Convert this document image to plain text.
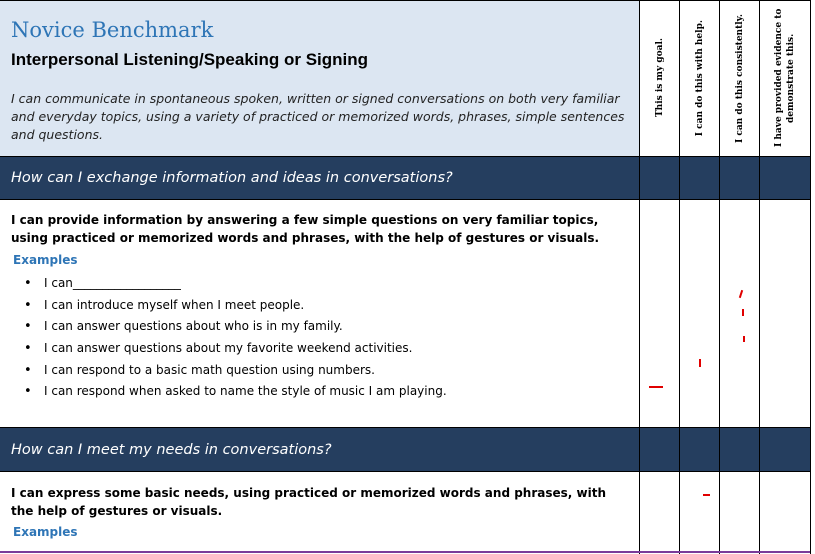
Novice Benchmark
Interpersonal Listening/Speaking or Signing
I can communicate in spontaneous spoken, written or signed conversations on both very familiar and everyday topics, using a variety of practiced or memorized words, phrases, simple sentences and questions.
This is my goal.	I can do this with help.	I can do this consistently.	I have provided evidence to demonstrate this.
How can I exchange information and ideas in conversations?
I can provide information by answering a few simple questions on very familiar topics, using practiced or memorized words and phrases, with the help of gestures or visuals.
Examples
• I can__________________
• I can introduce myself when I meet people.
• I can answer questions about who is in my family.
• I can answer questions about my favorite weekend activities.
• I can respond to a basic math question using numbers.
• I can respond when asked to name the style of music I am playing.
How can I meet my needs in conversations?
I can express some basic needs, using practiced or memorized words and phrases, with the help of gestures or visuals.
Examples
